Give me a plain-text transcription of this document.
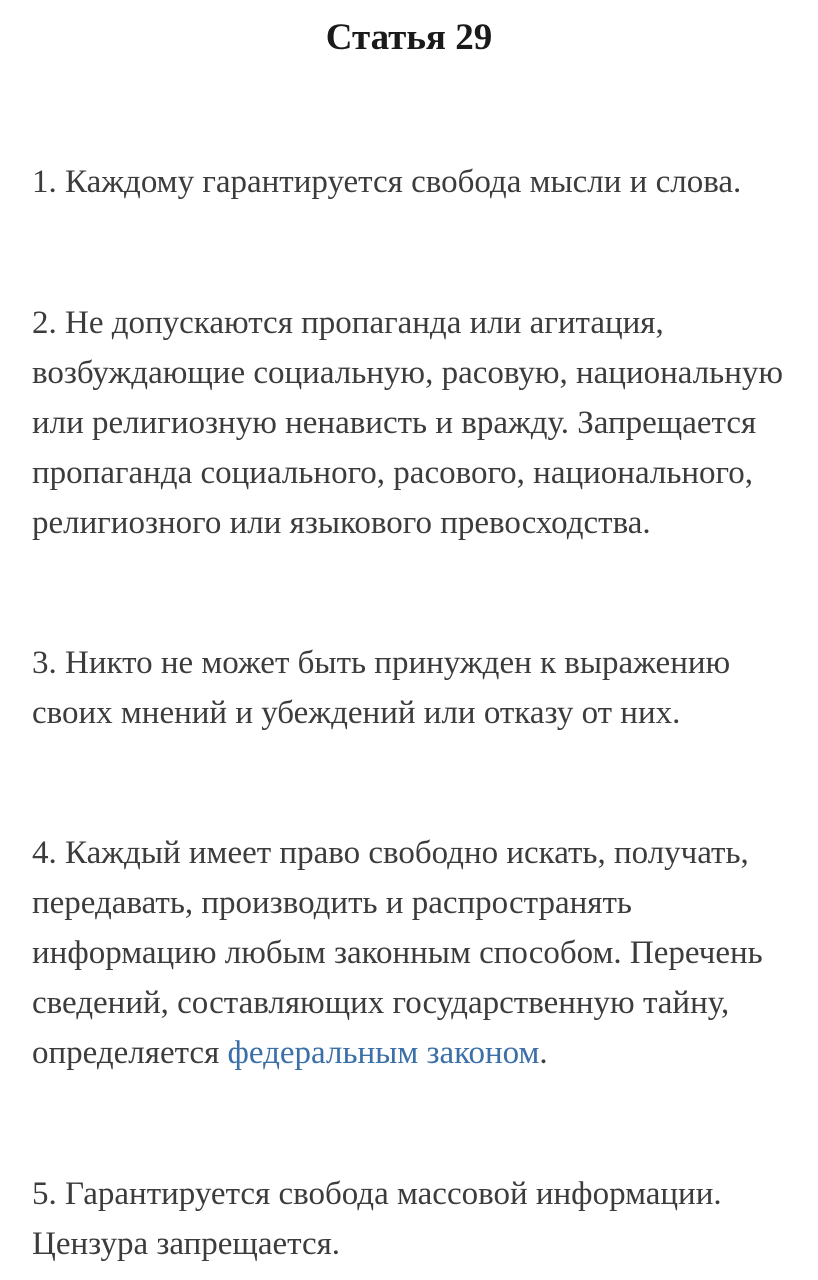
Статья 29

1. Каждому гарантируется свобода мысли и слова.

2. Не допускаются пропаганда или агитация, возбуждающие социальную, расовую, национальную или религиозную ненависть и вражду. Запрещается пропаганда социального, расового, национального, религиозного или языкового превосходства.

3. Никто не может быть принужден к выражению своих мнений и убеждений или отказу от них.

4. Каждый имеет право свободно искать, получать, передавать, производить и распространять информацию любым законным способом. Перечень сведений, составляющих государственную тайну, определяется федеральным законом.

5. Гарантируется свобода массовой информации. Цензура запрещается.
